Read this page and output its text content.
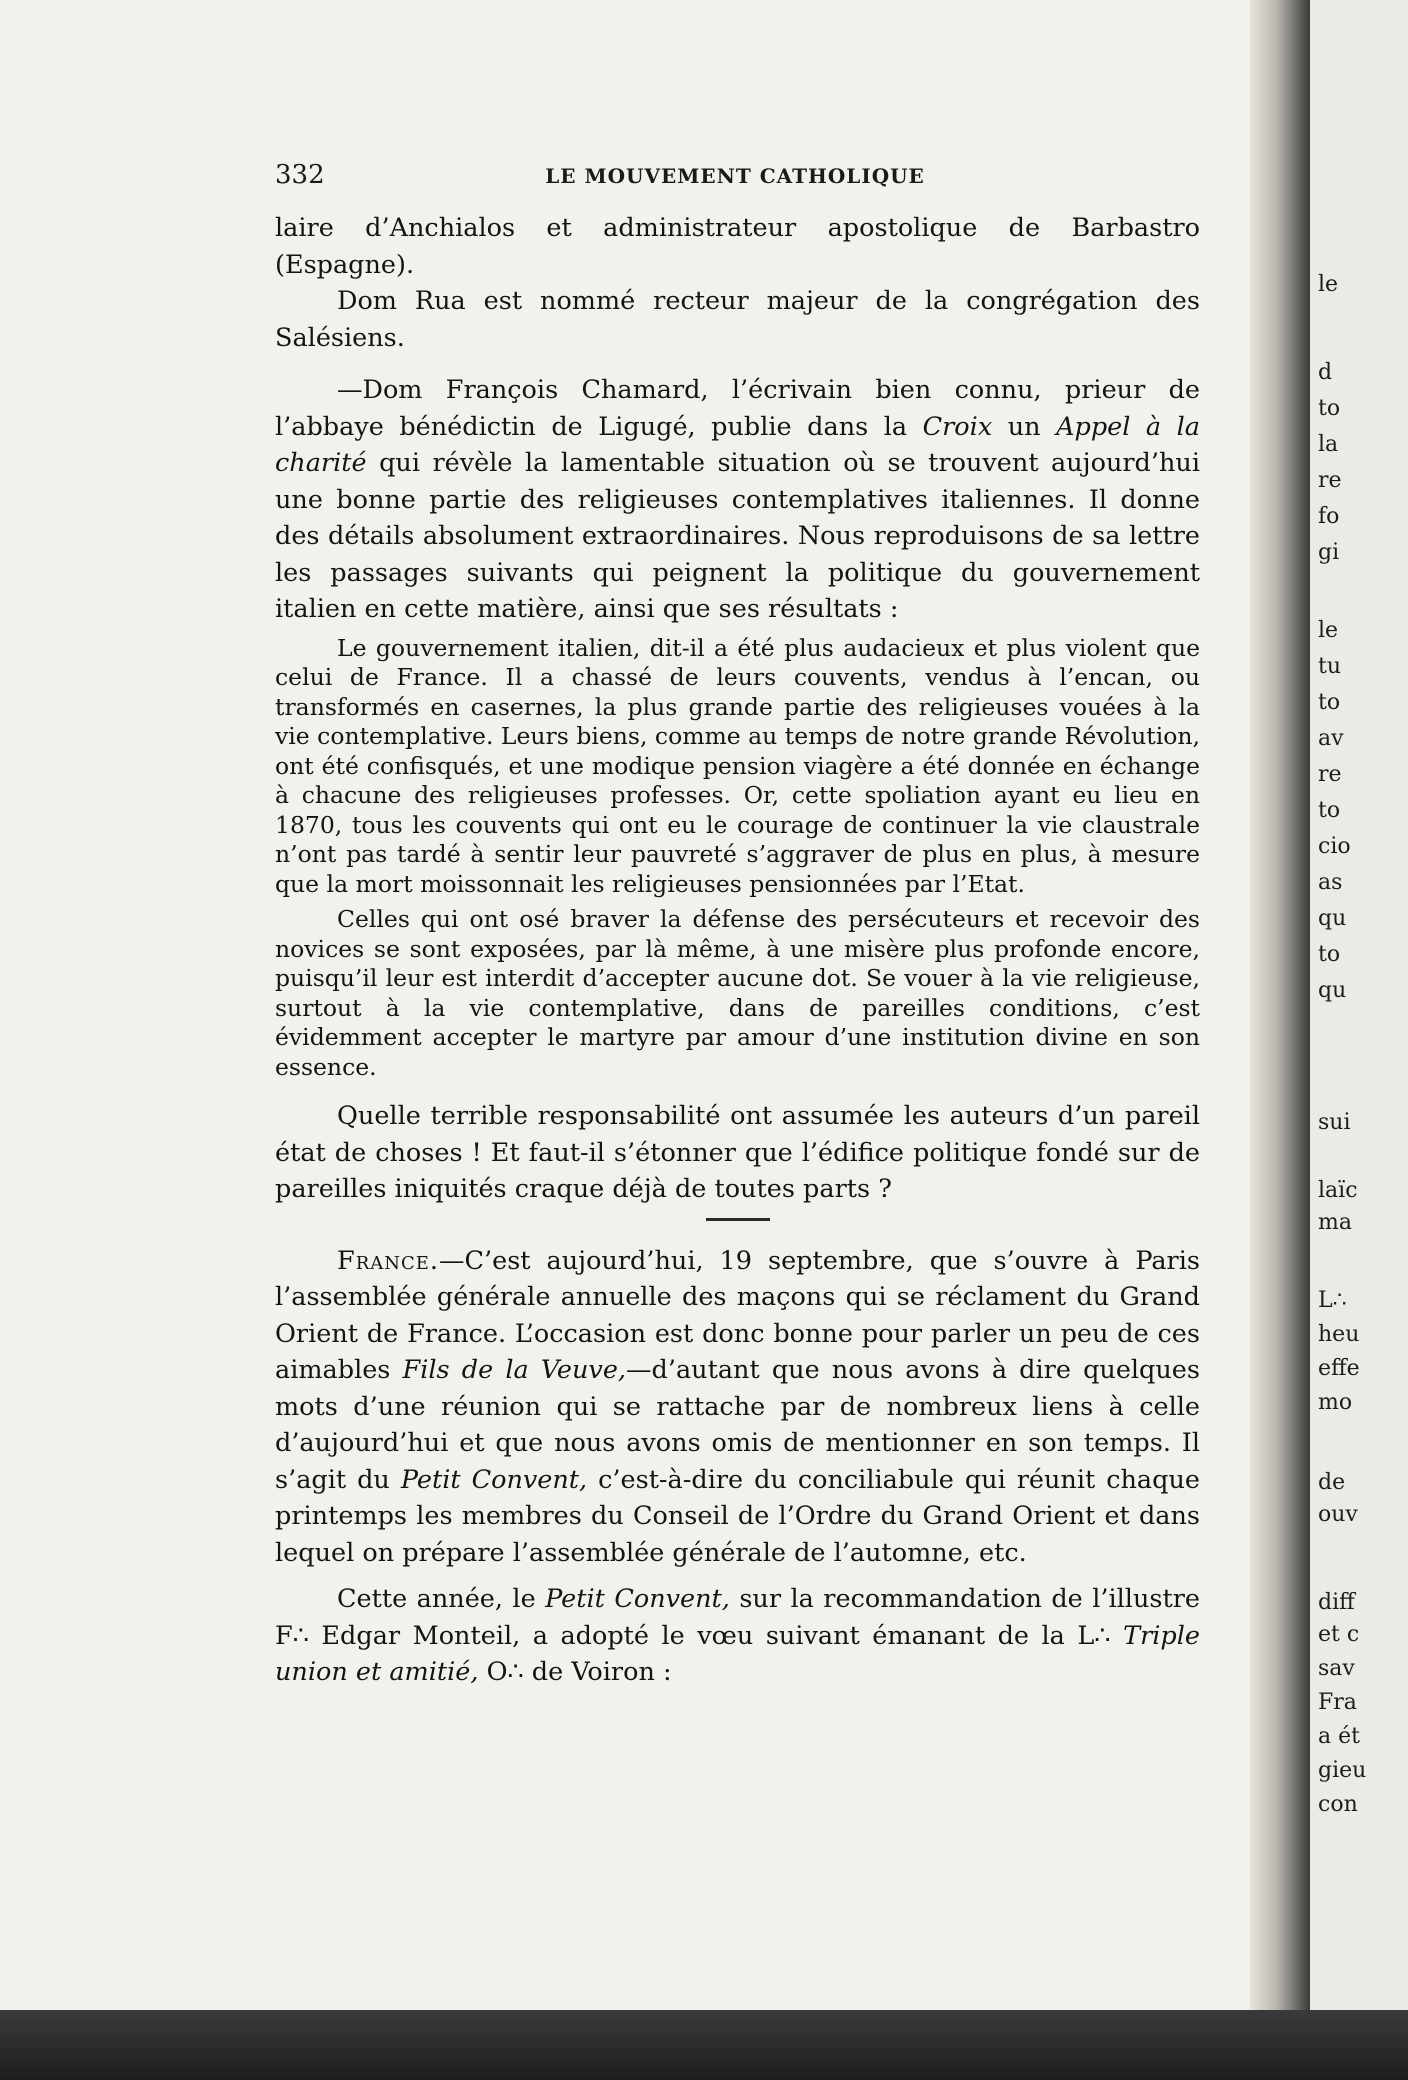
332	LE MOUVEMENT CATHOLIQUE

laire d’Anchialos et administrateur apostolique de Barbastro (Espagne).

Dom Rua est nommé recteur majeur de la congrégation des Salésiens.

—Dom François Chamard, l’écrivain bien connu, prieur de l’abbaye bénédictin de Ligugé, publie dans la Croix un Appel à la charité qui révèle la lamentable situation où se trouvent aujourd’hui une bonne partie des religieuses contemplatives italiennes. Il donne des détails absolument extraordinaires. Nous reproduisons de sa lettre les passages suivants qui peignent la politique du gouvernement italien en cette matière, ainsi que ses résultats :

Le gouvernement italien, dit-il a été plus audacieux et plus violent que celui de France. Il a chassé de leurs couvents, vendus à l’encan, ou transformés en casernes, la plus grande partie des religieuses vouées à la vie contemplative. Leurs biens, comme au temps de notre grande Révolution, ont été confisqués, et une modique pension viagère a été donnée en échange à chacune des religieuses professes. Or, cette spoliation ayant eu lieu en 1870, tous les couvents qui ont eu le courage de continuer la vie claustrale n’ont pas tardé à sentir leur pauvreté s’aggraver de plus en plus, à mesure que la mort moissonnait les religieuses pensionnées par l’Etat.

Celles qui ont osé braver la défense des persécuteurs et recevoir des novices se sont exposées, par là même, à une misère plus profonde encore, puisqu’il leur est interdit d’accepter aucune dot. Se vouer à la vie religieuse, surtout à la vie contemplative, dans de pareilles conditions, c’est évidemment accepter le martyre par amour d’une institution divine en son essence.

Quelle terrible responsabilité ont assumée les auteurs d’un pareil état de choses ! Et faut-il s’étonner que l’édifice politique fondé sur de pareilles iniquités craque déjà de toutes parts ?

France.—C’est aujourd’hui, 19 septembre, que s’ouvre à Paris l’assemblée générale annuelle des maçons qui se réclament du Grand Orient de France. L’occasion est donc bonne pour parler un peu de ces aimables Fils de la Veuve,—d’autant que nous avons à dire quelques mots d’une réunion qui se rattache par de nombreux liens à celle d’aujourd’hui et que nous avons omis de mentionner en son temps. Il s’agit du Petit Convent, c’est-à-dire du conciliabule qui réunit chaque printemps les membres du Conseil de l’Ordre du Grand Orient et dans lequel on prépare l’assemblée générale de l’automne, etc.

Cette année, le Petit Convent, sur la recommandation de l’illustre F∴ Edgar Monteil, a adopté le vœu suivant émanant de la L∴ Triple union et amitié, O∴ de Voiron :

le
d
to
la
re
fo
gi
le
tu
to
av
re
to
cio
as
qu
to
qu
sui
laïc
ma
L∴
heu
effe
mo
de
ouv
diff
et c
sav
Fra
a ét
gieu
con
